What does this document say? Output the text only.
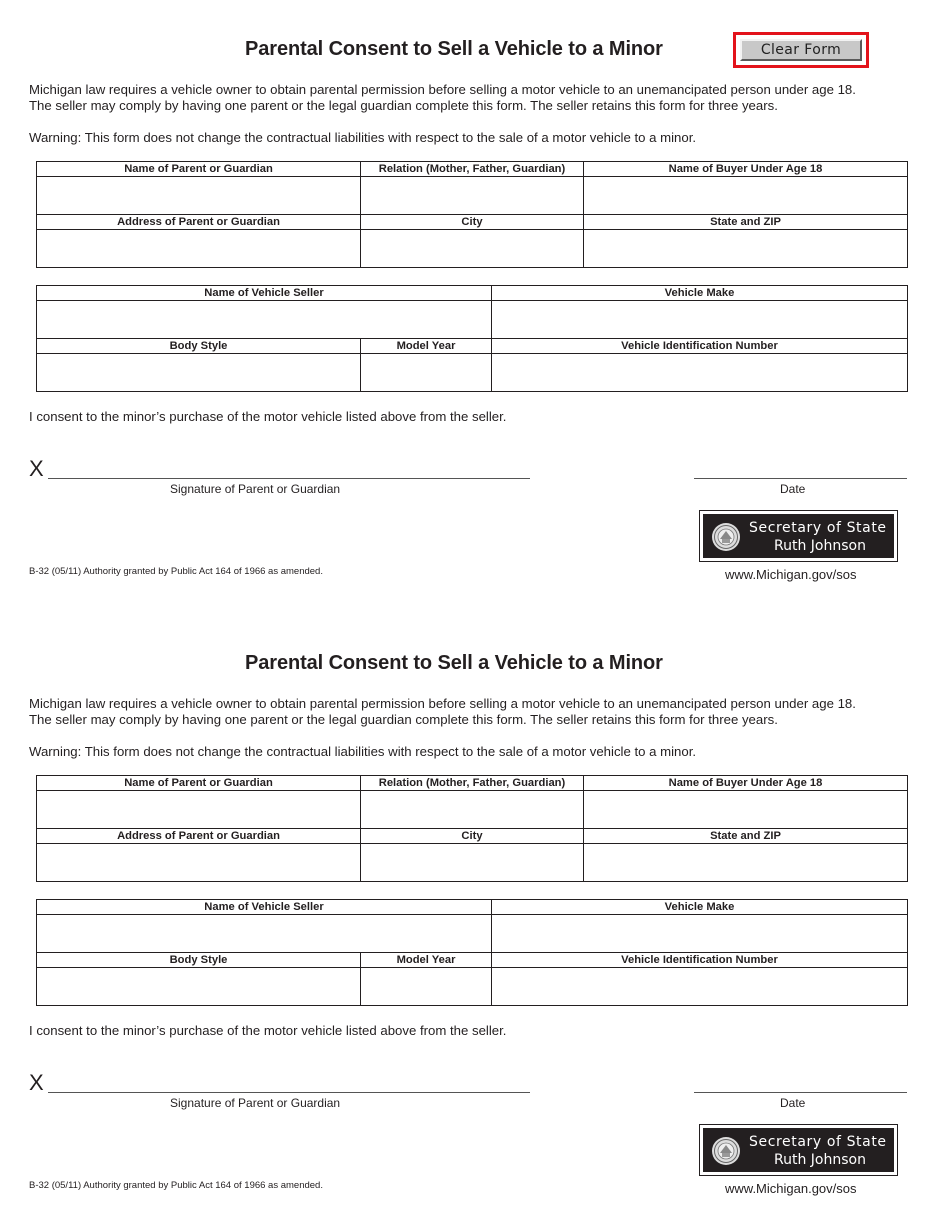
Clear Form
Parental Consent to Sell a Vehicle to a Minor
Michigan law requires a vehicle owner to obtain parental permission before selling a motor vehicle to an unemancipated person under age 18.
The seller may comply by having one parent or the legal guardian complete this form. The seller retains this form for three years.
Warning: This form does not change the contractual liabilities with respect to the sale of a motor vehicle to a minor.
Name of Parent or Guardian	Relation (Mother, Father, Guardian)	Name of Buyer Under Age 18

Address of Parent or Guardian	City	State and ZIP

Name of Vehicle Seller		Vehicle Make

Body Style	Model Year	Vehicle Identification Number

I consent to the minor’s purchase of the motor vehicle listed above from the seller.
X
Signature of Parent or Guardian	Date
Secretary of State
Ruth Johnson
www.Michigan.gov/sos
B-32 (05/11) Authority granted by Public Act 164 of 1966 as amended.
Parental Consent to Sell a Vehicle to a Minor
Michigan law requires a vehicle owner to obtain parental permission before selling a motor vehicle to an unemancipated person under age 18.
The seller may comply by having one parent or the legal guardian complete this form. The seller retains this form for three years.
Warning: This form does not change the contractual liabilities with respect to the sale of a motor vehicle to a minor.
Name of Parent or Guardian	Relation (Mother, Father, Guardian)	Name of Buyer Under Age 18

Address of Parent or Guardian	City	State and ZIP

Name of Vehicle Seller		Vehicle Make

Body Style	Model Year	Vehicle Identification Number

I consent to the minor’s purchase of the motor vehicle listed above from the seller.
X
Signature of Parent or Guardian	Date
Secretary of State
Ruth Johnson
www.Michigan.gov/sos
B-32 (05/11) Authority granted by Public Act 164 of 1966 as amended.
